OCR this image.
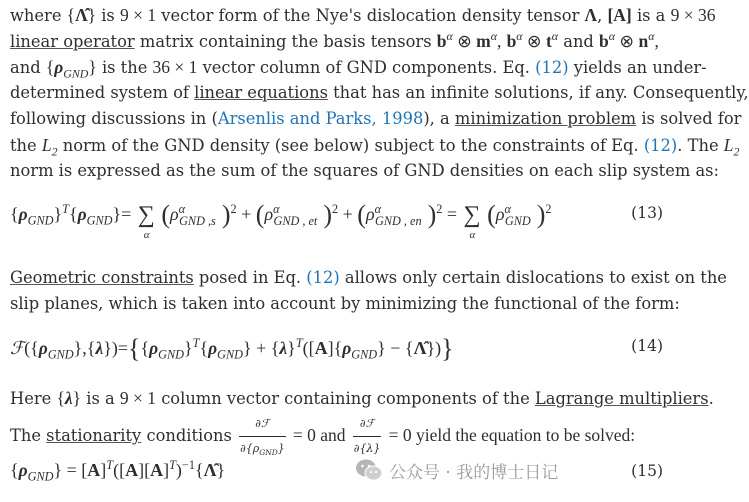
where {Λ̂} is 9 × 1 vector form of the Nye's dislocation density tensor Λ, [A] is a 9 × 36
linear operator matrix containing the basis tensors $b^\alpha$ ⊗ $m^\alpha$, $b^\alpha$ ⊗ $t^\alpha$ and $b^\alpha$ ⊗ $n^\alpha$,
and $\{\rho_{GND}\}$ is the 36 × 1 vector column of GND components. Eq. (12) yields an under-
determined system of linear equations that has an infinite solutions, if any. Consequently,
following discussions in (Arsenlis and Parks, 1998), a minimization problem is solved for
the $L_2$ norm of the GND density (see below) subject to the constraints of Eq. (12). The $L_2$
norm is expressed as the sum of the squares of GND densities on each slip system as:
$\{\rho_{GND}\}^T\{\rho_{GND}\}=$ ∑
α
($\rho^\alpha_{GND ,s}$ )$^2 + (\rho^\alpha_{GND , et}$ )$^2 + (\rho^\alpha_{GND , en}$ )$^2$ = ∑
α
($\rho^\alpha_{GND}$ )$^2$	(13)
Geometric constraints posed in Eq. (12) allows only certain dislocations to exist on the
slip planes, which is taken into account by minimizing the functional of the form:
$ℱ(\{\rho_{GND}\},\{\lambda\})=\{\{\rho_{GND}\}^T\{\rho_{GND}\} + \{\lambda\}^T([A]\{\rho_{GND}\}$ − {Λ̂})}	(14)
Here {λ} is a 9 × 1 column vector containing components of the Lagrange multipliers.
The stationarity conditions $\frac{\text{∂ℱ}}{\partial\{\rho_{GND}\}} = 0$ and $\frac{\text{∂ℱ}}{\partial\{\lambda\}} = 0$ yield the equation to be solved:
$\{\rho_{GND}\}$ = $[A]^T([A][A]^T)^{-1}\{\Lambdâ\}$	(15)
公众号 · 我的博士日记
